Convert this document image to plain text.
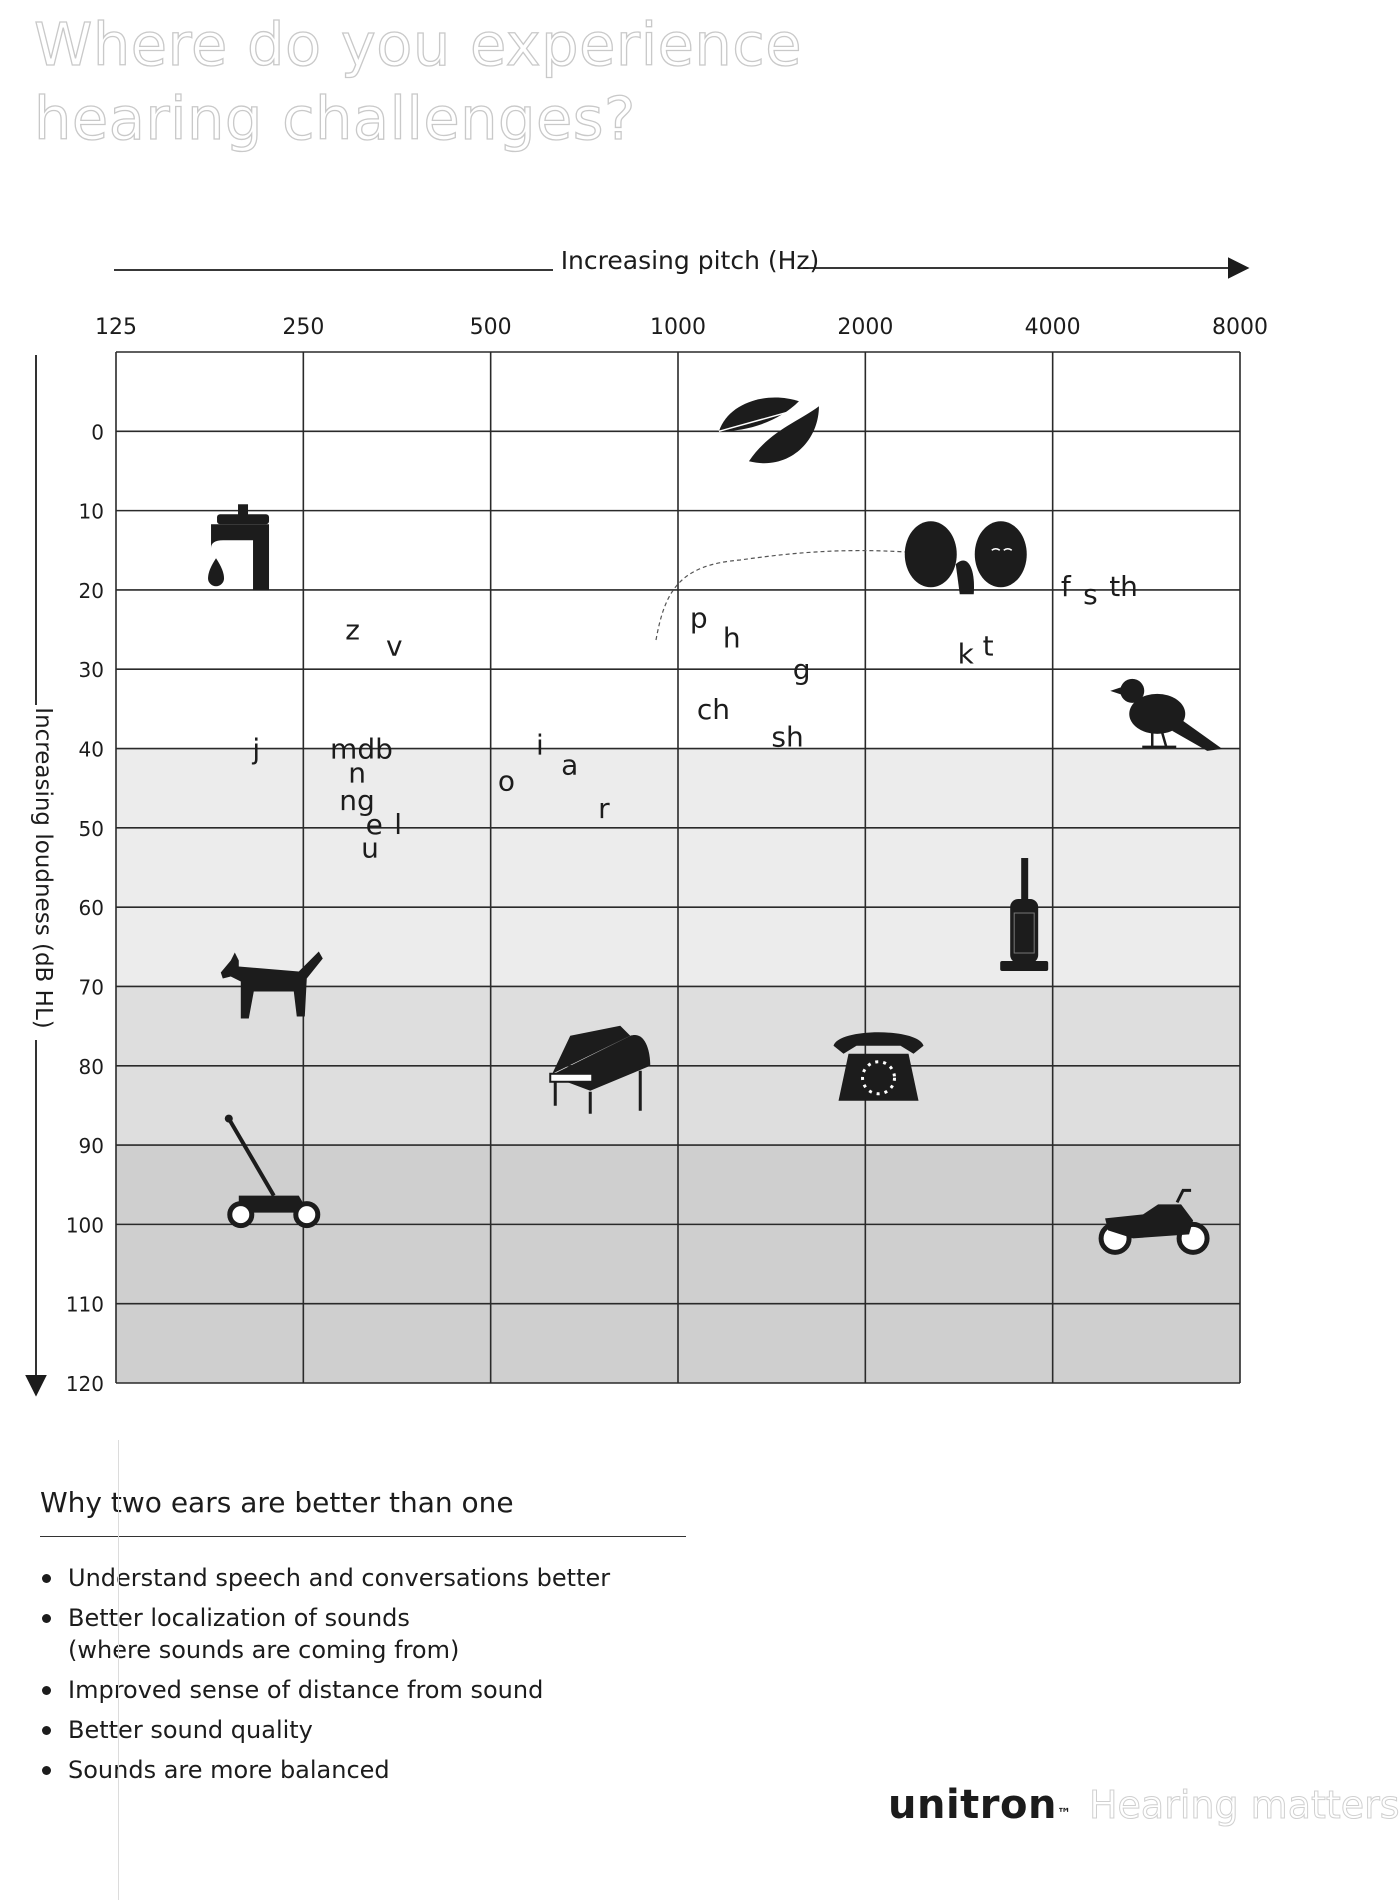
Where do you experience
hearing challenges?
125	250	500	1000	2000	4000	8000
0
10
20
30
40
50
60
70
80
90
100
110
120
Increasing pitch (Hz)
Increasing loudness (dB HL)
z v
j mdb
n
ng
e l
u
o
i
a
r
p
h
g
ch
sh
k t
f s th
Why two ears are better than one
Understand speech and conversations better
Better localization of sounds
(where sounds are coming from)
Improved sense of distance from sound
Better sound quality
Sounds are more balanced
unitron™ Hearing matters
